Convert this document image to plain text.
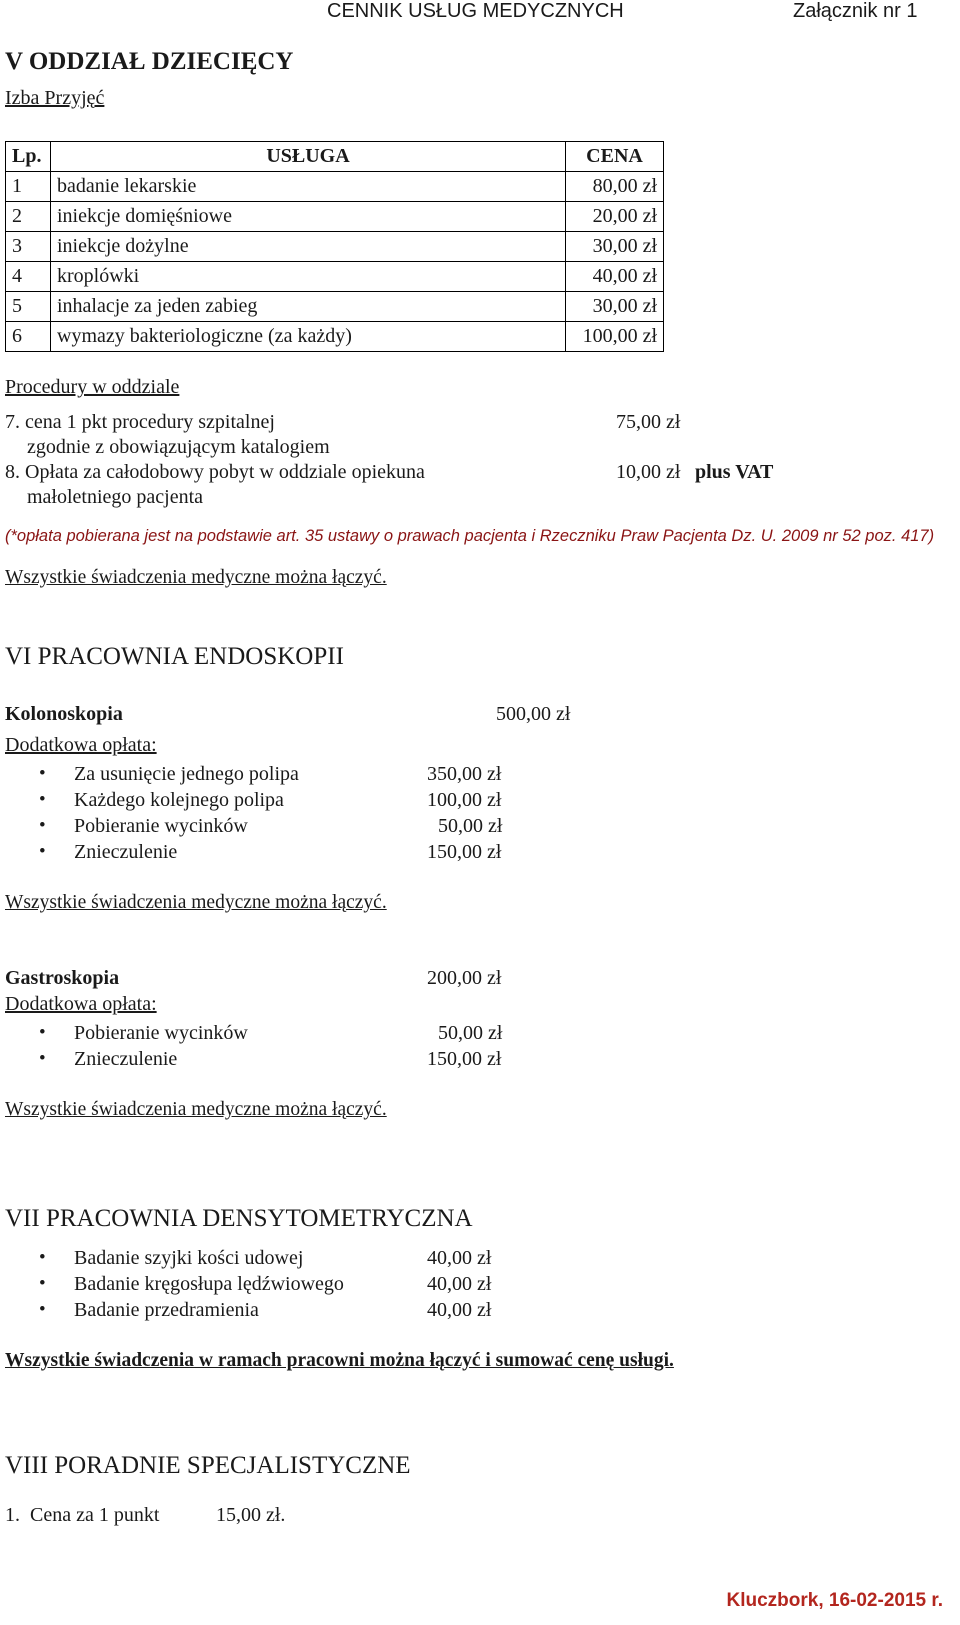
CENNIK USŁUG MEDYCZNYCH	Załącznik nr 1
V ODDZIAŁ DZIECIĘCY
Izba Przyjęć
Lp.	USŁUGA	CENA
1	badanie lekarskie	80,00 zł
2	iniekcje domięśniowe	20,00 zł
3	iniekcje dożylne	30,00 zł
4	kroplówki	40,00 zł
5	inhalacje za jeden zabieg	30,00 zł
6	wymazy bakteriologiczne (za każdy)	100,00 zł
Procedury w oddziale
7. cena 1 pkt procedury szpitalnej	75,00 zł
zgodnie z obowiązującym katalogiem
8. Opłata za całodobowy pobyt w oddziale opiekuna	10,00 zł plus VAT
małoletniego pacjenta
(*opłata pobierana jest na podstawie art. 35 ustawy o prawach pacjenta i Rzeczniku Praw Pacjenta Dz. U. 2009 nr 52 poz. 417)
Wszystkie świadczenia medyczne można łączyć.
VI PRACOWNIA ENDOSKOPII
Kolonoskopia	500,00 zł
Dodatkowa opłata:
• Za usunięcie jednego polipa	350,00 zł
• Każdego kolejnego polipa	100,00 zł
• Pobieranie wycinków	50,00 zł
• Znieczulenie	150,00 zł
Wszystkie świadczenia medyczne można łączyć.
Gastroskopia	200,00 zł
Dodatkowa opłata:
• Pobieranie wycinków	50,00 zł
• Znieczulenie	150,00 zł
Wszystkie świadczenia medyczne można łączyć.
VII PRACOWNIA DENSYTOMETRYCZNA
• Badanie szyjki kości udowej	40,00 zł
• Badanie kręgosłupa lędźwiowego	40,00 zł
• Badanie przedramienia	40,00 zł
Wszystkie świadczenia w ramach pracowni można łączyć i sumować cenę usługi.
VIII PORADNIE SPECJALISTYCZNE
1.  Cena za 1 punkt	15,00 zł.
Kluczbork, 16-02-2015 r.
